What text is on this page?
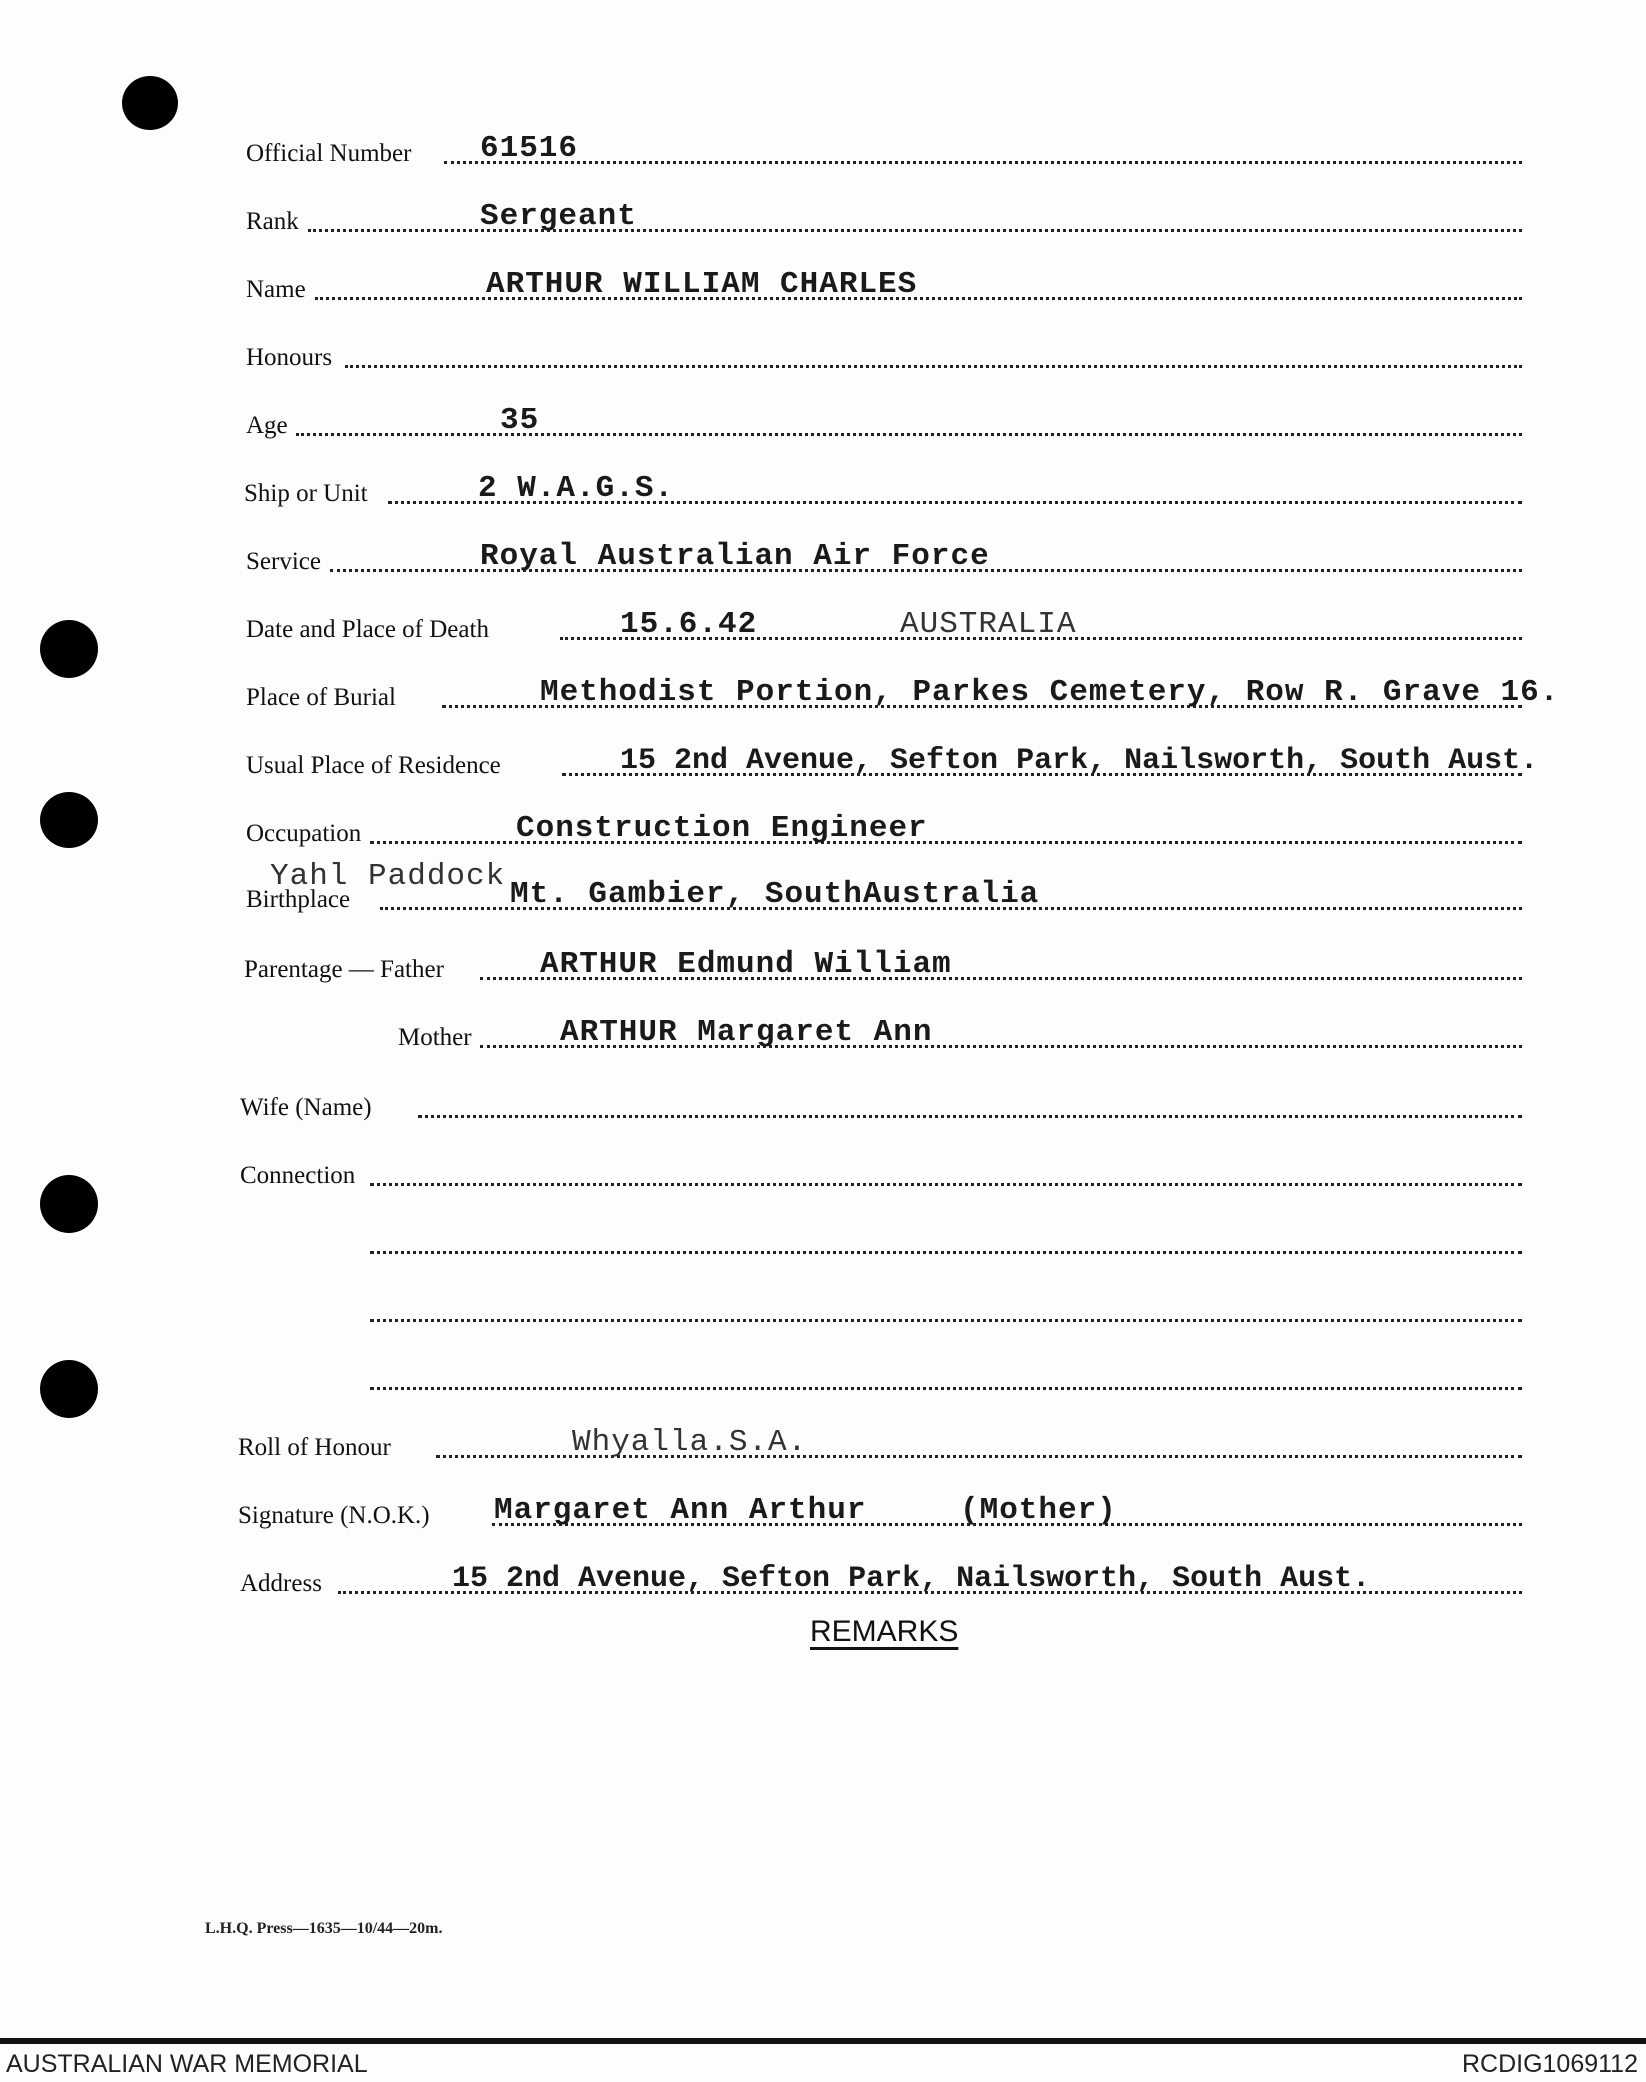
Official Number 61516
Rank	Sergeant
Name	ARTHUR WILLIAM CHARLES
Honours
Age	35
Ship or Unit	2 W.A.G.S.
Service	Royal Australian Air Force
Date and Place of Death	15.6.42	AUSTRALIA
Place of Burial	Methodist Portion, Parkes Cemetery, Row R. Grave 16.
Usual Place of Residence	15 2nd Avenue, Sefton Park, Nailsworth, South Aust.
Occupation	Construction Engineer
Yahl Paddock
Birthplace	Mt. Gambier, SouthAustralia
Parentage — Father	ARTHUR Edmund William
Mother	ARTHUR Margaret Ann
Wife (Name)
Connection
Roll of Honour	Whyalla.S.A.
Signature (N.O.K.) Margaret Ann Arthur	(Mother)
Address	15 2nd Avenue, Sefton Park, Nailsworth, South Aust.
REMARKS
L.H.Q. Press—1635—10/44—20m.
AUSTRALIAN WAR MEMORIAL	RCDIG1069112
